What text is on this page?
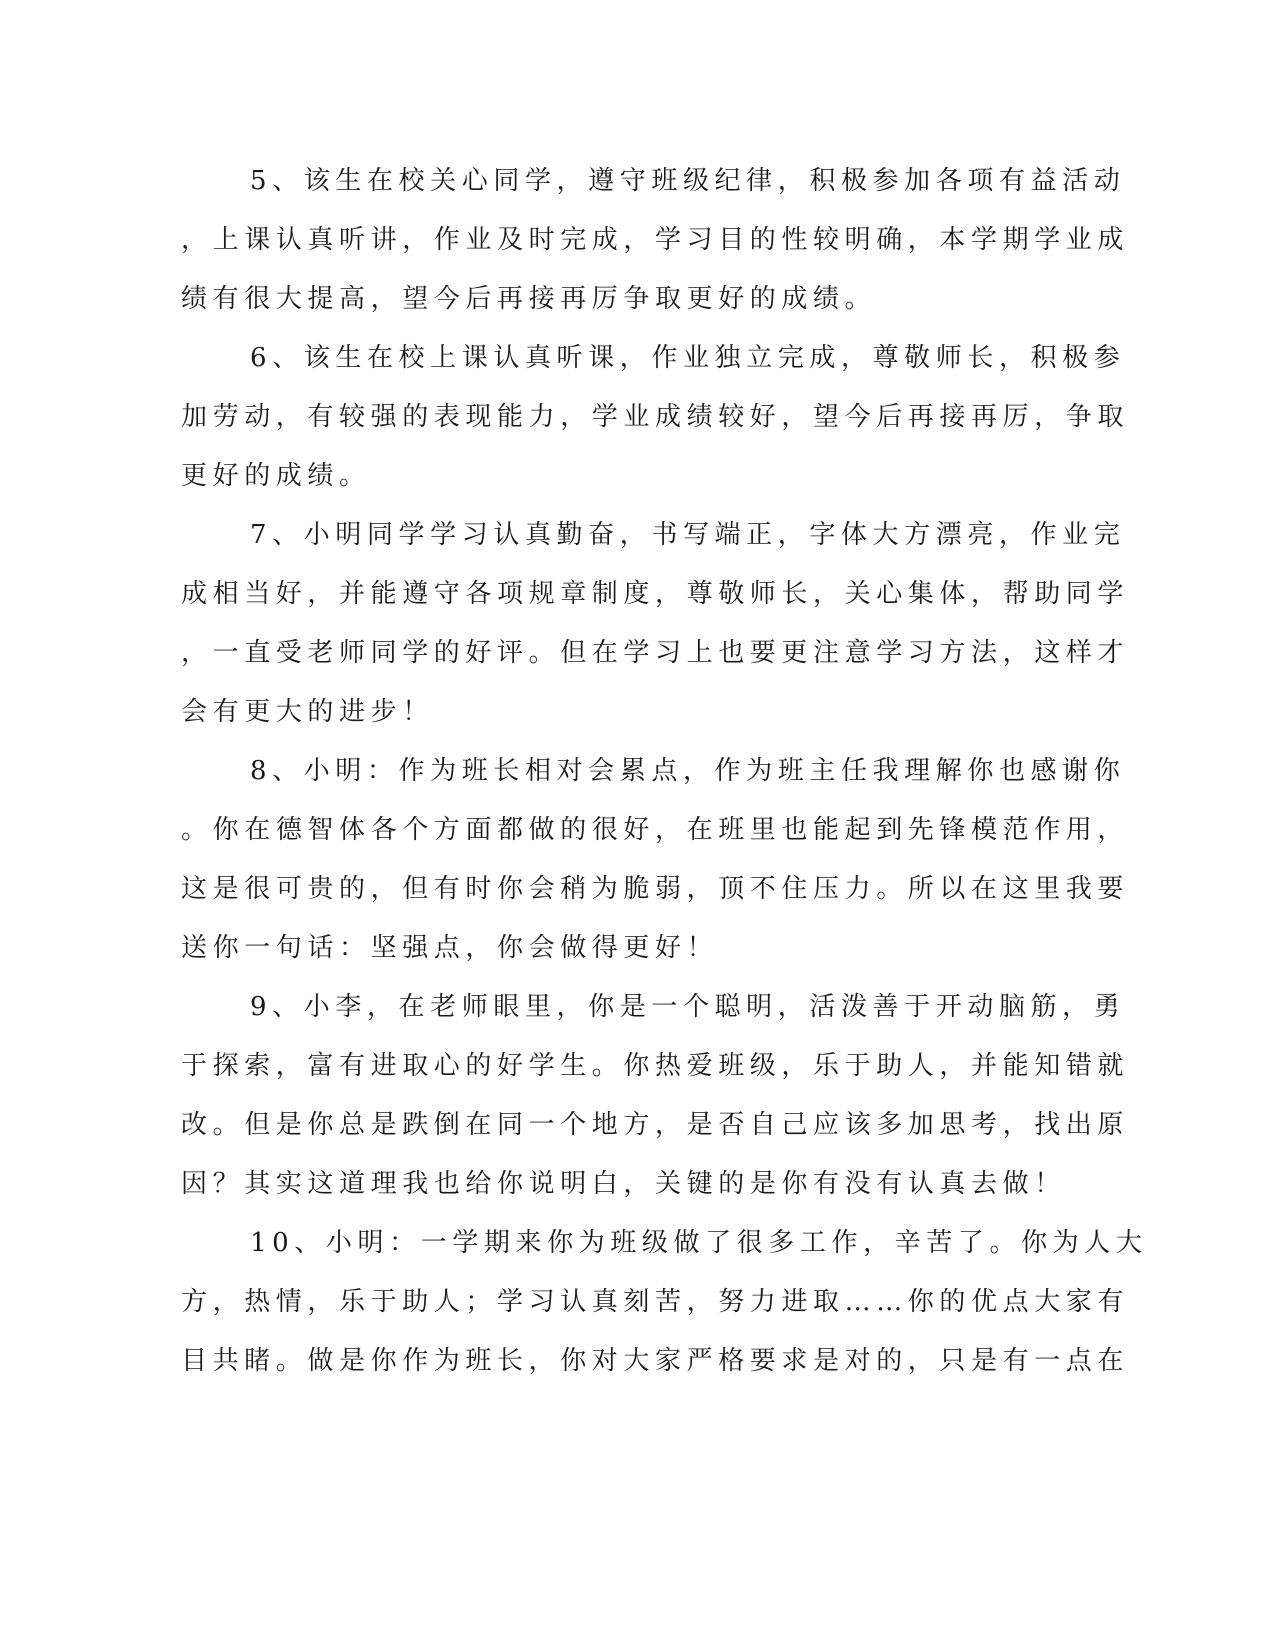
5、该生在校关心同学，遵守班级纪律，积极参加各项有益活动
，上课认真听讲，作业及时完成，学习目的性较明确，本学期学业成
绩有很大提高，望今后再接再厉争取更好的成绩。
6、该生在校上课认真听课，作业独立完成，尊敬师长，积极参
加劳动，有较强的表现能力，学业成绩较好，望今后再接再厉，争取
更好的成绩。
7、小明同学学习认真勤奋，书写端正，字体大方漂亮，作业完
成相当好，并能遵守各项规章制度，尊敬师长，关心集体，帮助同学
，一直受老师同学的好评。但在学习上也要更注意学习方法，这样才
会有更大的进步！
8、小明：作为班长相对会累点，作为班主任我理解你也感谢你
。你在德智体各个方面都做的很好，在班里也能起到先锋模范作用，
这是很可贵的，但有时你会稍为脆弱，顶不住压力。所以在这里我要
送你一句话：坚强点，你会做得更好！
9、小李，在老师眼里，你是一个聪明，活泼善于开动脑筋，勇
于探索，富有进取心的好学生。你热爱班级，乐于助人，并能知错就
改。但是你总是跌倒在同一个地方，是否自己应该多加思考，找出原
因？其实这道理我也给你说明白，关键的是你有没有认真去做！
10、小明：一学期来你为班级做了很多工作，辛苦了。你为人大
方，热情，乐于助人；学习认真刻苦，努力进取……你的优点大家有
目共睹。做是你作为班长，你对大家严格要求是对的，只是有一点在
